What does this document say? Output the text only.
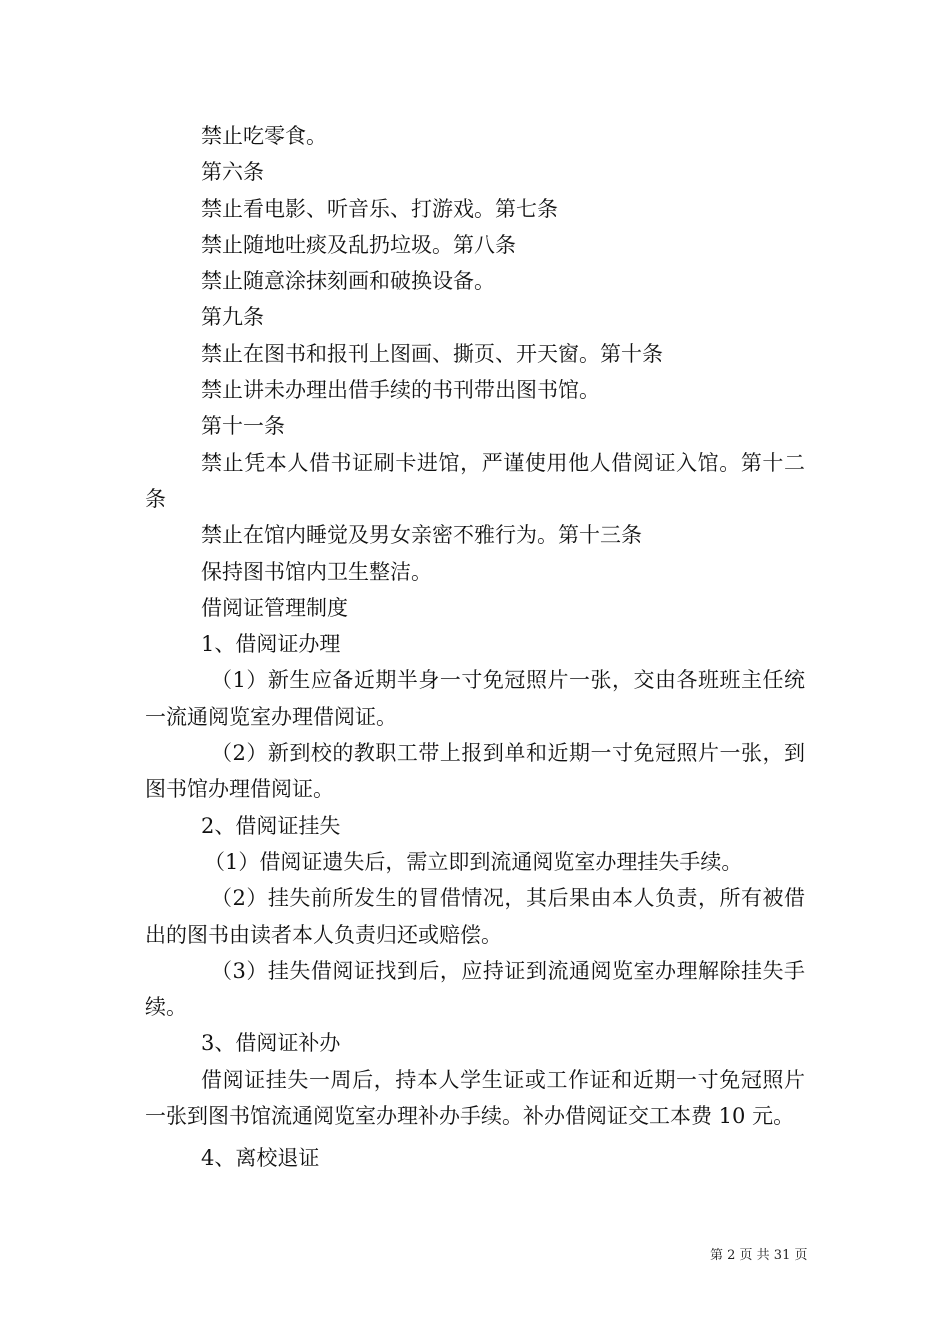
禁止吃零食。

第六条

禁止看电影、听音乐、打游戏。第七条

禁止随地吐痰及乱扔垃圾。第八条

禁止随意涂抹刻画和破换设备。

第九条

禁止在图书和报刊上图画、撕页、开天窗。第十条

禁止讲未办理出借手续的书刊带出图书馆。

第十一条

禁止凭本人借书证刷卡进馆，严谨使用他人借阅证入馆。第十二条

禁止在馆内睡觉及男女亲密不雅行为。第十三条

保持图书馆内卫生整洁。

借阅证管理制度

1、借阅证办理

（1）新生应备近期半身一寸免冠照片一张，交由各班班主任统一流通阅览室办理借阅证。

（2）新到校的教职工带上报到单和近期一寸免冠照片一张，到图书馆办理借阅证。

2、借阅证挂失

（1）借阅证遗失后，需立即到流通阅览室办理挂失手续。

（2）挂失前所发生的冒借情况，其后果由本人负责，所有被借出的图书由读者本人负责归还或赔偿。

（3）挂失借阅证找到后，应持证到流通阅览室办理解除挂失手续。

3、借阅证补办

借阅证挂失一周后，持本人学生证或工作证和近期一寸免冠照片一张到图书馆流通阅览室办理补办手续。补办借阅证交工本费 10 元。

4、离校退证

第 2 页 共 31 页
